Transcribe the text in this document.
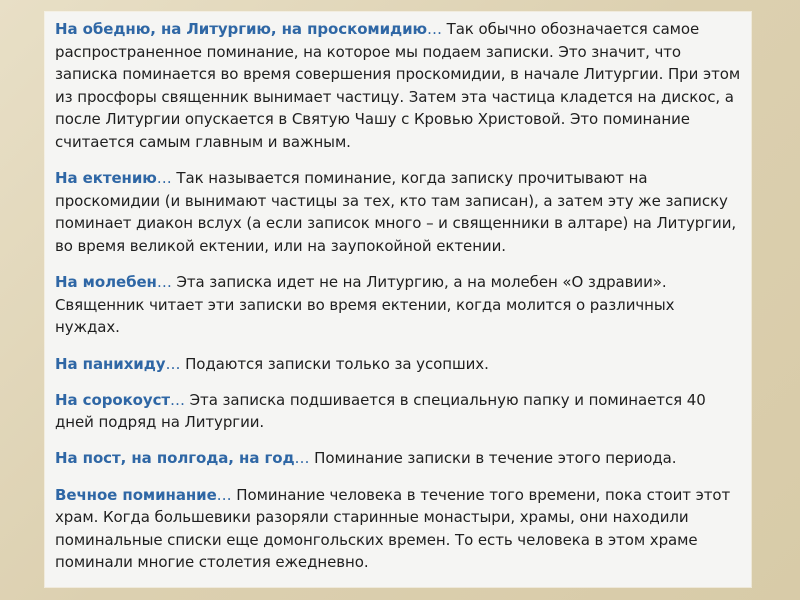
На обедню, на Литургию, на проскомидию… Так обычно обозначается самое распространенное поминание, на которое мы подаем записки. Это значит, что записка поминается во время совершения проскомидии, в начале Литургии. При этом из просфоры священник вынимает частицу. Затем эта частица кладется на дискос, а после Литургии опускается в Святую Чашу с Кровью Христовой. Это поминание считается самым главным и важным.

На ектению… Так называется поминание, когда записку прочитывают на проскомидии (и вынимают частицы за тех, кто там записан), а затем эту же записку поминает диакон вслух (а если записок много – и священники в алтаре) на Литургии, во время великой ектении, или на заупокойной ектении.

На молебен… Эта записка идет не на Литургию, а на молебен «О здравии». Священник читает эти записки во время ектении, когда молится о различных нуждах.

На панихиду… Подаются записки только за усопших.

На сорокоуст… Эта записка подшивается в специальную папку и поминается 40 дней подряд на Литургии.

На пост, на полгода, на год… Поминание записки в течение этого периода.

Вечное поминание… Поминание человека в течение того времени, пока стоит этот храм. Когда большевики разоряли старинные монастыри, храмы, они находили поминальные списки еще домонгольских времен. То есть человека в этом храме поминали многие столетия ежедневно.
